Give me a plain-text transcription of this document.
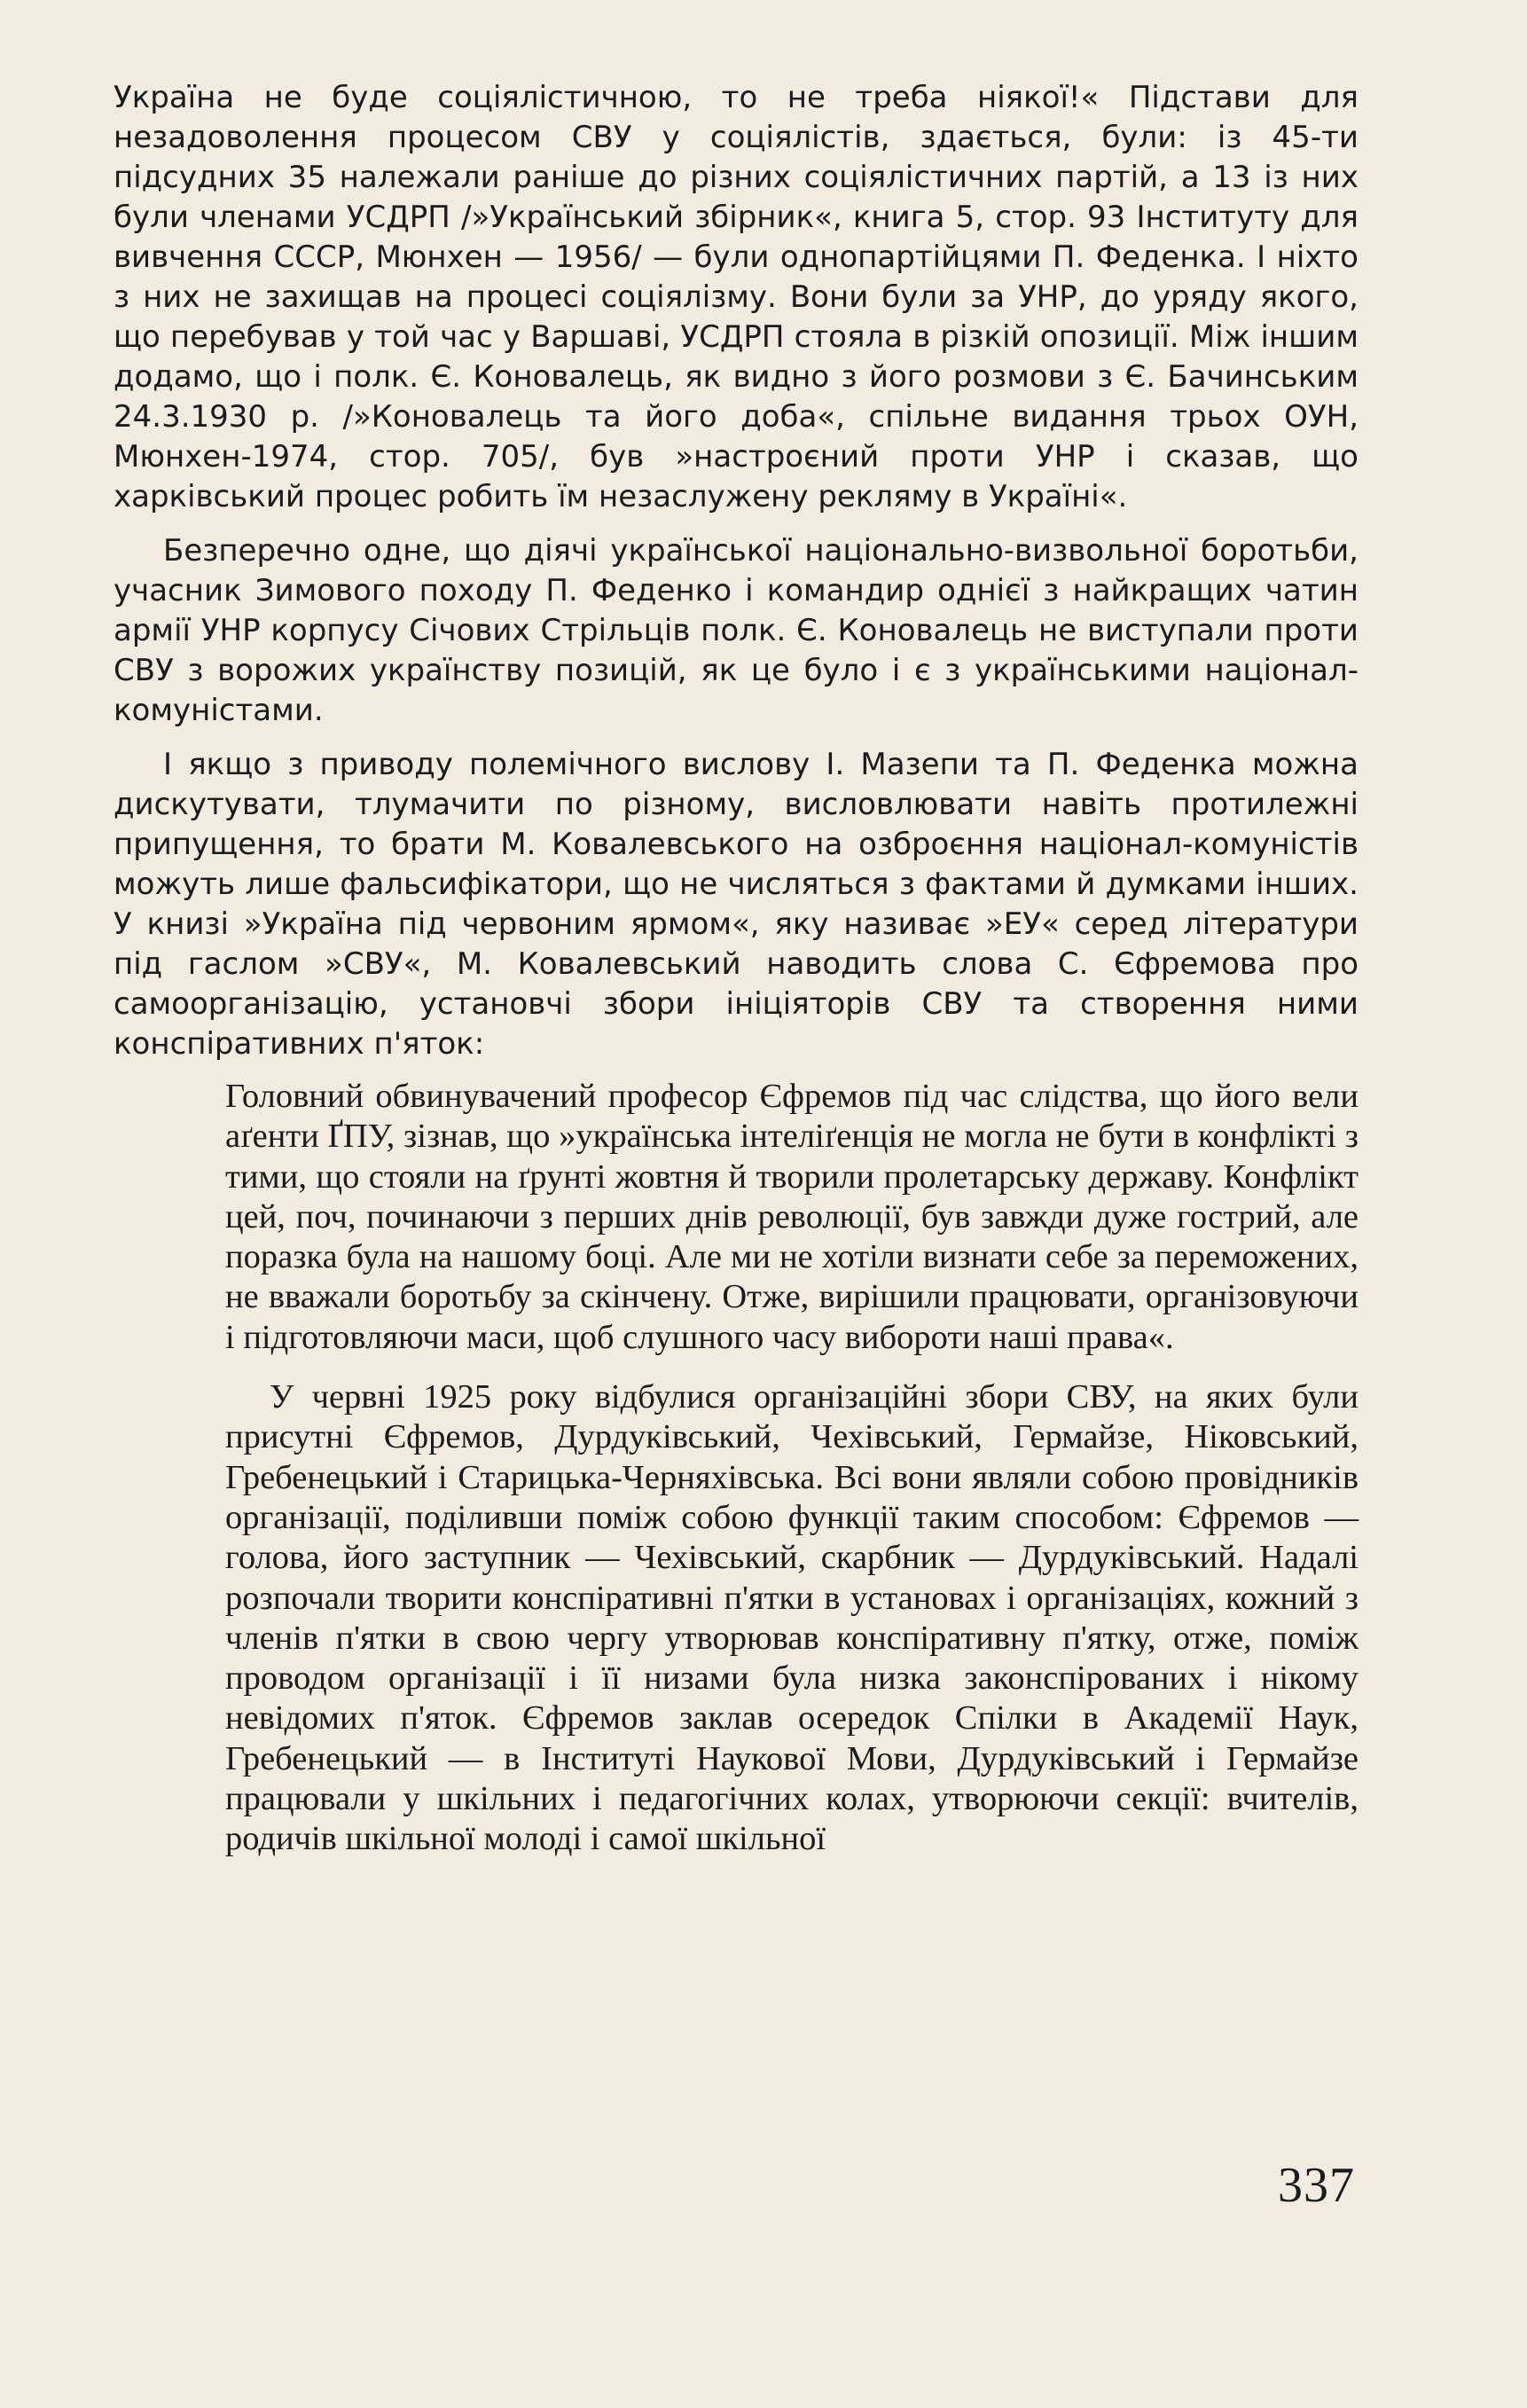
Україна не буде соціялістичною, то не треба ніякої!« Підстави для незадоволення процесом СВУ у соціялістів, здається, були: із 45-ти підсудних 35 належали раніше до різних соціялістичних партій, а 13 із них були членами УСДРП /»Український збірник«, книга 5, стор. 93 Інституту для вивчення СССР, Мюнхен — 1956/ — були однопартійцями П. Феденка. І ніхто з них не захищав на процесі соціялізму. Вони були за УНР, до уряду якого, що перебував у той час у Варшаві, УСДРП стояла в різкій опозиції. Між іншим додамо, що і полк. Є. Коновалець, як видно з його розмови з Є. Бачинським 24.3.1930 р. /»Коновалець та його доба«, спільне видання трьох ОУН, Мюнхен-1974, стор. 705/, був »настроєний проти УНР і сказав, що харківський процес робить їм незаслужену рекляму в Україні«.

Безперечно одне, що діячі української національно-визвольної боротьби, учасник Зимового походу П. Феденко і командир однієї з найкращих чатин армії УНР корпусу Січових Стрільців полк. Є. Коновалець не виступали проти СВУ з ворожих українству позицій, як це було і є з українськими націонал-комуністами.

І якщо з приводу полемічного вислову І. Мазепи та П. Феденка можна дискутувати, тлумачити по різному, висловлювати навіть протилежні припущення, то брати М. Ковалевського на озброєння націонал-комуністів можуть лише фальсифікатори, що не числяться з фактами й думками інших. У книзі »Україна під червоним ярмом«, яку називає »ЕУ« серед літератури під гаслом »СВУ«, М. Ковалевський наводить слова С. Єфремова про самоорганізацію, установчі збори ініціяторів СВУ та створення ними конспіративних п'яток:

Головний обвинувачений професор Єфремов під час слідства, що його вели аґенти ҐПУ, зізнав, що »українська інтеліґенція не могла не бути в конфлікті з тими, що стояли на ґрунті жовтня й творили пролетарську державу. Конфлікт цей, поч, починаючи з перших днів революції, був завжди дуже гострий, але поразка була на нашому боці. Але ми не хотіли визнати себе за переможених, не вважали боротьбу за скінчену. Отже, вирішили працювати, організовуючи і підготовляючи маси, щоб слушного часу вибороти наші права«.

У червні 1925 року відбулися організаційні збори СВУ, на яких були присутні Єфремов, Дурдуківський, Чехівський, Гермайзе, Ніковський, Гребенецький і Старицька-Черняхівська. Всі вони являли собою провідників організації, поділивши поміж собою функції таким способом: Єфремов — голова, його заступник — Чехівський, скарбник — Дурдуківський. Надалі розпочали творити конспіративні п'ятки в установах і організаціях, кожний з членів п'ятки в свою чергу утворював конспіративну п'ятку, отже, поміж проводом організації і її низами була низка законспірованих і нікому невідомих п'яток. Єфремов заклав осередок Спілки в Академії Наук, Гребенецький — в Інституті Наукової Мови, Дурдуківський і Гермайзе працювали у шкільних і педагогічних колах, утворюючи секції: вчителів, родичів шкільної молоді і самої шкільної

337
